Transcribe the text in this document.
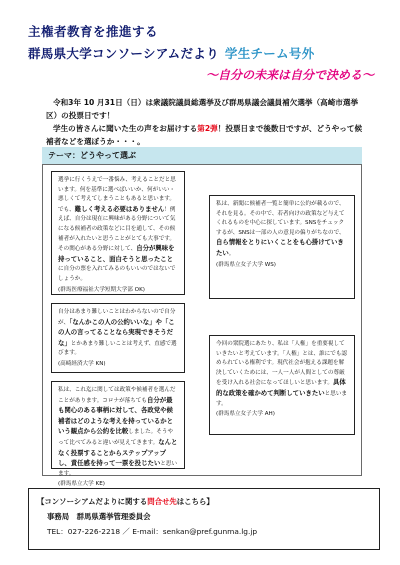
主権者教育を推進する
群馬県大学コンソーシアムだより 学生チーム号外
～自分の未来は自分で決める～

令和3年 10 月31日（日）は衆議院議員総選挙及び群馬県議会議員補欠選挙（高崎市選挙区）の投票日です！

学生の皆さんに聞いた生の声をお届けする第2弾！投票日まで後数日ですが、どうやって候補者などを選ぼうか・・・。

テーマ：どうやって選ぶ
選挙に行くうえで一番悩み、考えることだと思います。何を基準に選べばいいか、何がいい・悪しくて考えてしまうこともあると思います。でも、難しく考える必要はありません！例えば、自分は現在に興味がある分野について気になる候補者の政策などに目を通して、その候補者が入れたいと思うことがとても大事です。その関心がある分野に対して、自分が興味を持っていること、面白そうと思ったことに自分の票を入れてみるのもいいのではないでしょうか。
(群馬医療福祉大学短期大学部 OK)
私は、新聞に候補者一覧と簡単に公約が載るので、それを見る。その中で、若者向けの政策など与えてくれるものを中心に探しています。SNSをチェックするが、SNSは一部の人の意見の偏りがちなので、自ら情報をとりにいくことをも心掛けていきたい。
(群馬県立女子大学 WS)
自分はあまり難しいことはわからないので自分が、「なんかこの人の公約いいな」や「この人の言ってることなら実現できそうだな」とかあまり難しいことは考えず、直感で選びます。
(高崎経済大学 KN)
今回の衆院選にあたり、私は「人権」を重要視していきたいと考えています。「人権」とは、誰にでも認められている権利です。現代社会が抱える課題を解決していくためには、一人一人が人間としての尊厳を受け入れる社会になってほしいと思います。具体的な政策を確かめて判断していきたいと思います。
(群馬県立女子大学 AH)
私は、これ迄に関しては政策や候補者を選んだことがあります。コロナが落ちても自分が最も関心のある事柄に対して、各政党や候補者はどのような考えを持っているかという観点から公約を比較しました。そうやって比べてみると違いが見えてきます。なんとなく投票することからステップアップし、責任感を持って一票を投じたいと思います。
(群馬県立大学 KE)
【コンソーシアムだよりに関する問合せ先はこちら】
事務局　群馬県選挙管理委員会
TEL：027-226-2218 ／ E-mail：senkan@pref.gunma.lg.jp
